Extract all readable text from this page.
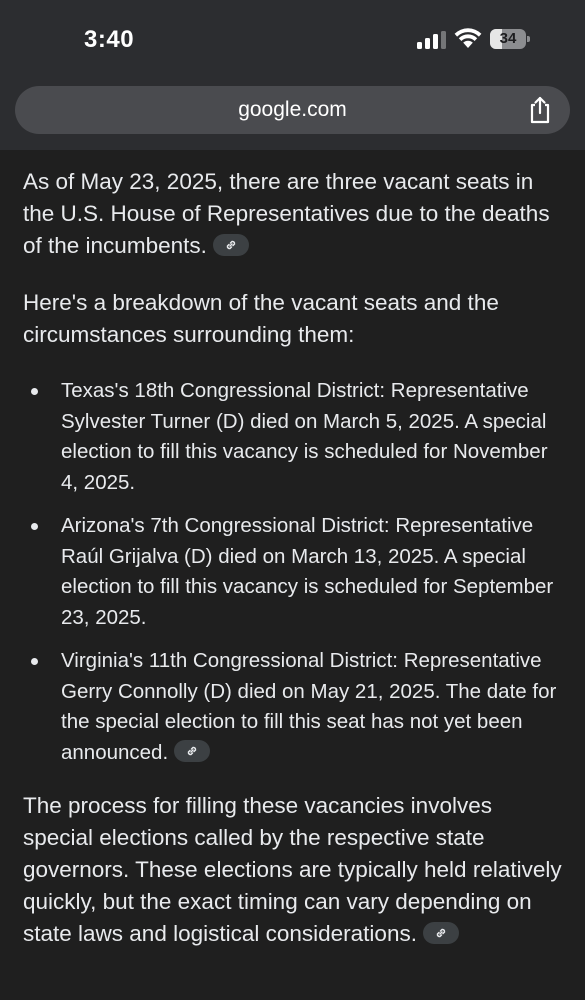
3:40	34
google.com

As of May 23, 2025, there are three vacant seats in the U.S. House of Representatives due to the deaths of the incumbents.

Here's a breakdown of the vacant seats and the circumstances surrounding them:

Texas's 18th Congressional District: Representative Sylvester Turner (D) died on March 5, 2025. A special election to fill this vacancy is scheduled for November 4, 2025.
Arizona's 7th Congressional District: Representative Raúl Grijalva (D) died on March 13, 2025. A special election to fill this vacancy is scheduled for September 23, 2025.
Virginia's 11th Congressional District: Representative Gerry Connolly (D) died on May 21, 2025. The date for the special election to fill this seat has not yet been announced.

The process for filling these vacancies involves special elections called by the respective state governors. These elections are typically held relatively quickly, but the exact timing can vary depending on state laws and logistical considerations.
